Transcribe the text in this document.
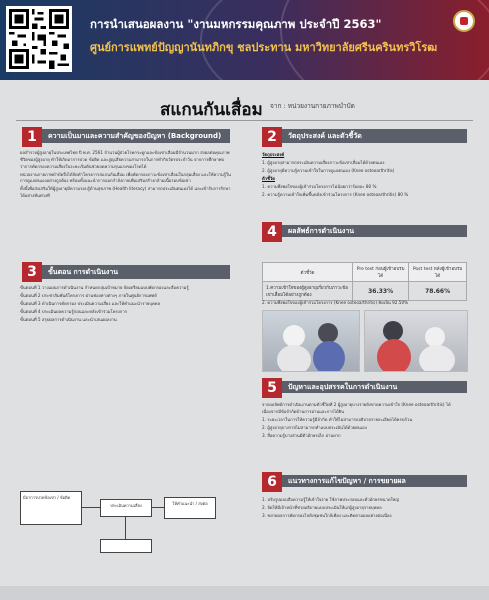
การนำเสนอผลงาน "งานมหกรรมคุณภาพ ประจำปี 2563"
ศูนย์การแพทย์ปัญญานันทภิกขุ ชลประทาน มหาวิทยาลัยศรีนครินทรวิโรฒ
สแกนกันเสื่อม จาก : หน่วยงานกายภาพบำบัด
1	ความเป็นมาและความสำคัญของปัญหา (Background)

ผลสำรวจผู้สูงอายุในประเทศไทย ปี พ.ศ. 2561 จำนวนผู้ป่วยโรคกระดูกและข้อเข่าเสื่อมมีจำนวนมาก ส่งผลต่อคุณภาพชีวิตของผู้สูงอายุ ทำให้เกิดอาการปวด ข้อติด และสูญเสียความสามารถในการทำกิจวัตรประจำวัน จากการศึกษาพบว่าการคัดกรองความเสี่ยงในระยะเริ่มต้นช่วยลดความรุนแรงของโรคได้

หน่วยงานกายภาพบำบัดจึงได้จัดทำโครงการสแกนกันเสื่อม เพื่อคัดกรองภาวะข้อเข่าเสื่อมในกลุ่มเสี่ยง และให้ความรู้ในการดูแลตนเองอย่างถูกต้อง พร้อมทั้งแนะนำการออกกำลังกายเพื่อเสริมสร้างกล้ามเนื้อรอบข้อเข่า

ทั้งนี้เพื่อส่งเสริมให้ผู้สูงอายุมีความรอบรู้ด้านสุขภาพ (Health literacy) สามารถประเมินตนเองได้ และเข้ารับการรักษาได้อย่างทันท่วงที

2	วัตถุประสงค์ และตัวชี้วัด

วัตถุประสงค์

1. ผู้สูงอายุสามารถประเมินความเสี่ยงภาวะข้อเข่าเสื่อมได้ด้วยตนเอง

2. ผู้สูงอายุมีความรู้ความเข้าใจในการดูแลตนเอง (Knee osteoarthritis)

ตัวชี้วัด

1. ความพึงพอใจของผู้เข้าร่วมโครงการไม่น้อยกว่าร้อยละ 80 %

2. ความรู้ความเข้าใจเพิ่มขึ้นหลังเข้าร่วมโครงการ (Knee osteoarthritis) 80 %

4	ผลลัพธ์การดำเนินงาน
ตัวชี้วัด	Pre test ก่อนผู้เข้าอบรมได้	Post test หลังผู้เข้าอบรมได้
1.ความเข้าใจของผู้สูงอายุเกี่ยวกับภาวะข้อเข่าเสื่อมได้อย่างถูกต้อง	36.33%	78.66%
2. ความพึงพอใจของผู้เข้าร่วมโครงการ (Knee osteoarthritis) คิดเป็น 92.50%
3	ขั้นตอน การดำเนินงาน

ขั้นตอนที่ 1 วางแผนการดำเนินงาน กำหนดกลุ่มเป้าหมาย จัดเตรียมแบบคัดกรองและสื่อความรู้

ขั้นตอนที่ 2 ประชาสัมพันธ์โครงการ ผ่านช่องทางต่างๆ ภายในศูนย์การแพทย์

ขั้นตอนที่ 3 ดำเนินการคัดกรอง ประเมินความเสี่ยง และให้คำแนะนำรายบุคคล

ขั้นตอนที่ 4 ประเมินผลความรู้ก่อนและหลังเข้าร่วมโครงการ

ขั้นตอนที่ 5 สรุปผลการดำเนินงาน และนำเสนอผลงาน

มีอาการปวดข้อเข่า / ข้อติด
ประเมินความเสี่ยง	ให้คำแนะนำ / ส่งต่อ
5	ปัญหาและอุปสรรคในการดำเนินงาน

จากผลลัพธ์การดำเนินงานตามตัวชี้วัดที่ 2 ผู้สูงอายุบางรายยังขาดความเข้าใจ (Knee osteoarthritis) ได้ เนื่องจากมีข้อจำกัดด้านการอ่านและการได้ยิน

1. ระยะเวลาในการให้ความรู้มีจำกัด ทำให้ไม่สามารถอธิบายรายละเอียดได้ครบถ้วน

2. ผู้สูงอายุบางรายไม่สามารถทำแบบประเมินได้ด้วยตนเอง

3. สื่อความรู้บางส่วนมีตัวอักษรเล็ก อ่านยาก

6	แนวทางการแก้ไขปัญหา / การขยายผล

1. ปรับรูปแบบสื่อความรู้ให้เข้าใจง่าย ใช้ภาพประกอบและตัวอักษรขนาดใหญ่

2. จัดให้มีเจ้าหน้าที่ช่วยอธิบายแบบประเมินให้แก่ผู้สูงอายุรายบุคคล

3. ขยายผลการคัดกรองไปยังชุมชนใกล้เคียง และติดตามผลอย่างต่อเนื่อง
